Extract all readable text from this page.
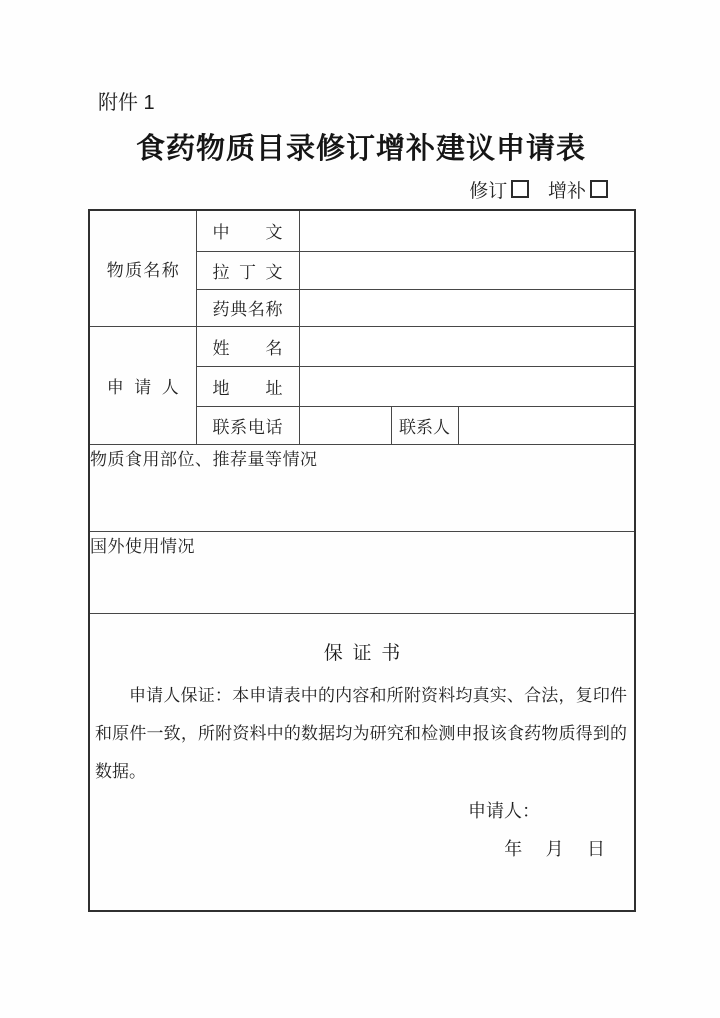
附件 1
食药物质目录修订增补建议申请表
修订 增补
物质名称	中文			
	拉丁文			
	药典名称			
申请人	姓名			
	地址			
	联系电话		联系人	
物质食用部位、推荐量等情况				
国外使用情况				

保 证 书
申请人保证：本申请表中的内容和所附资料均真实、合法，复印件和原件一致，所附资料中的数据均为研究和检测申报该食药物质得到的数据。
申请人：
年 月 日				
